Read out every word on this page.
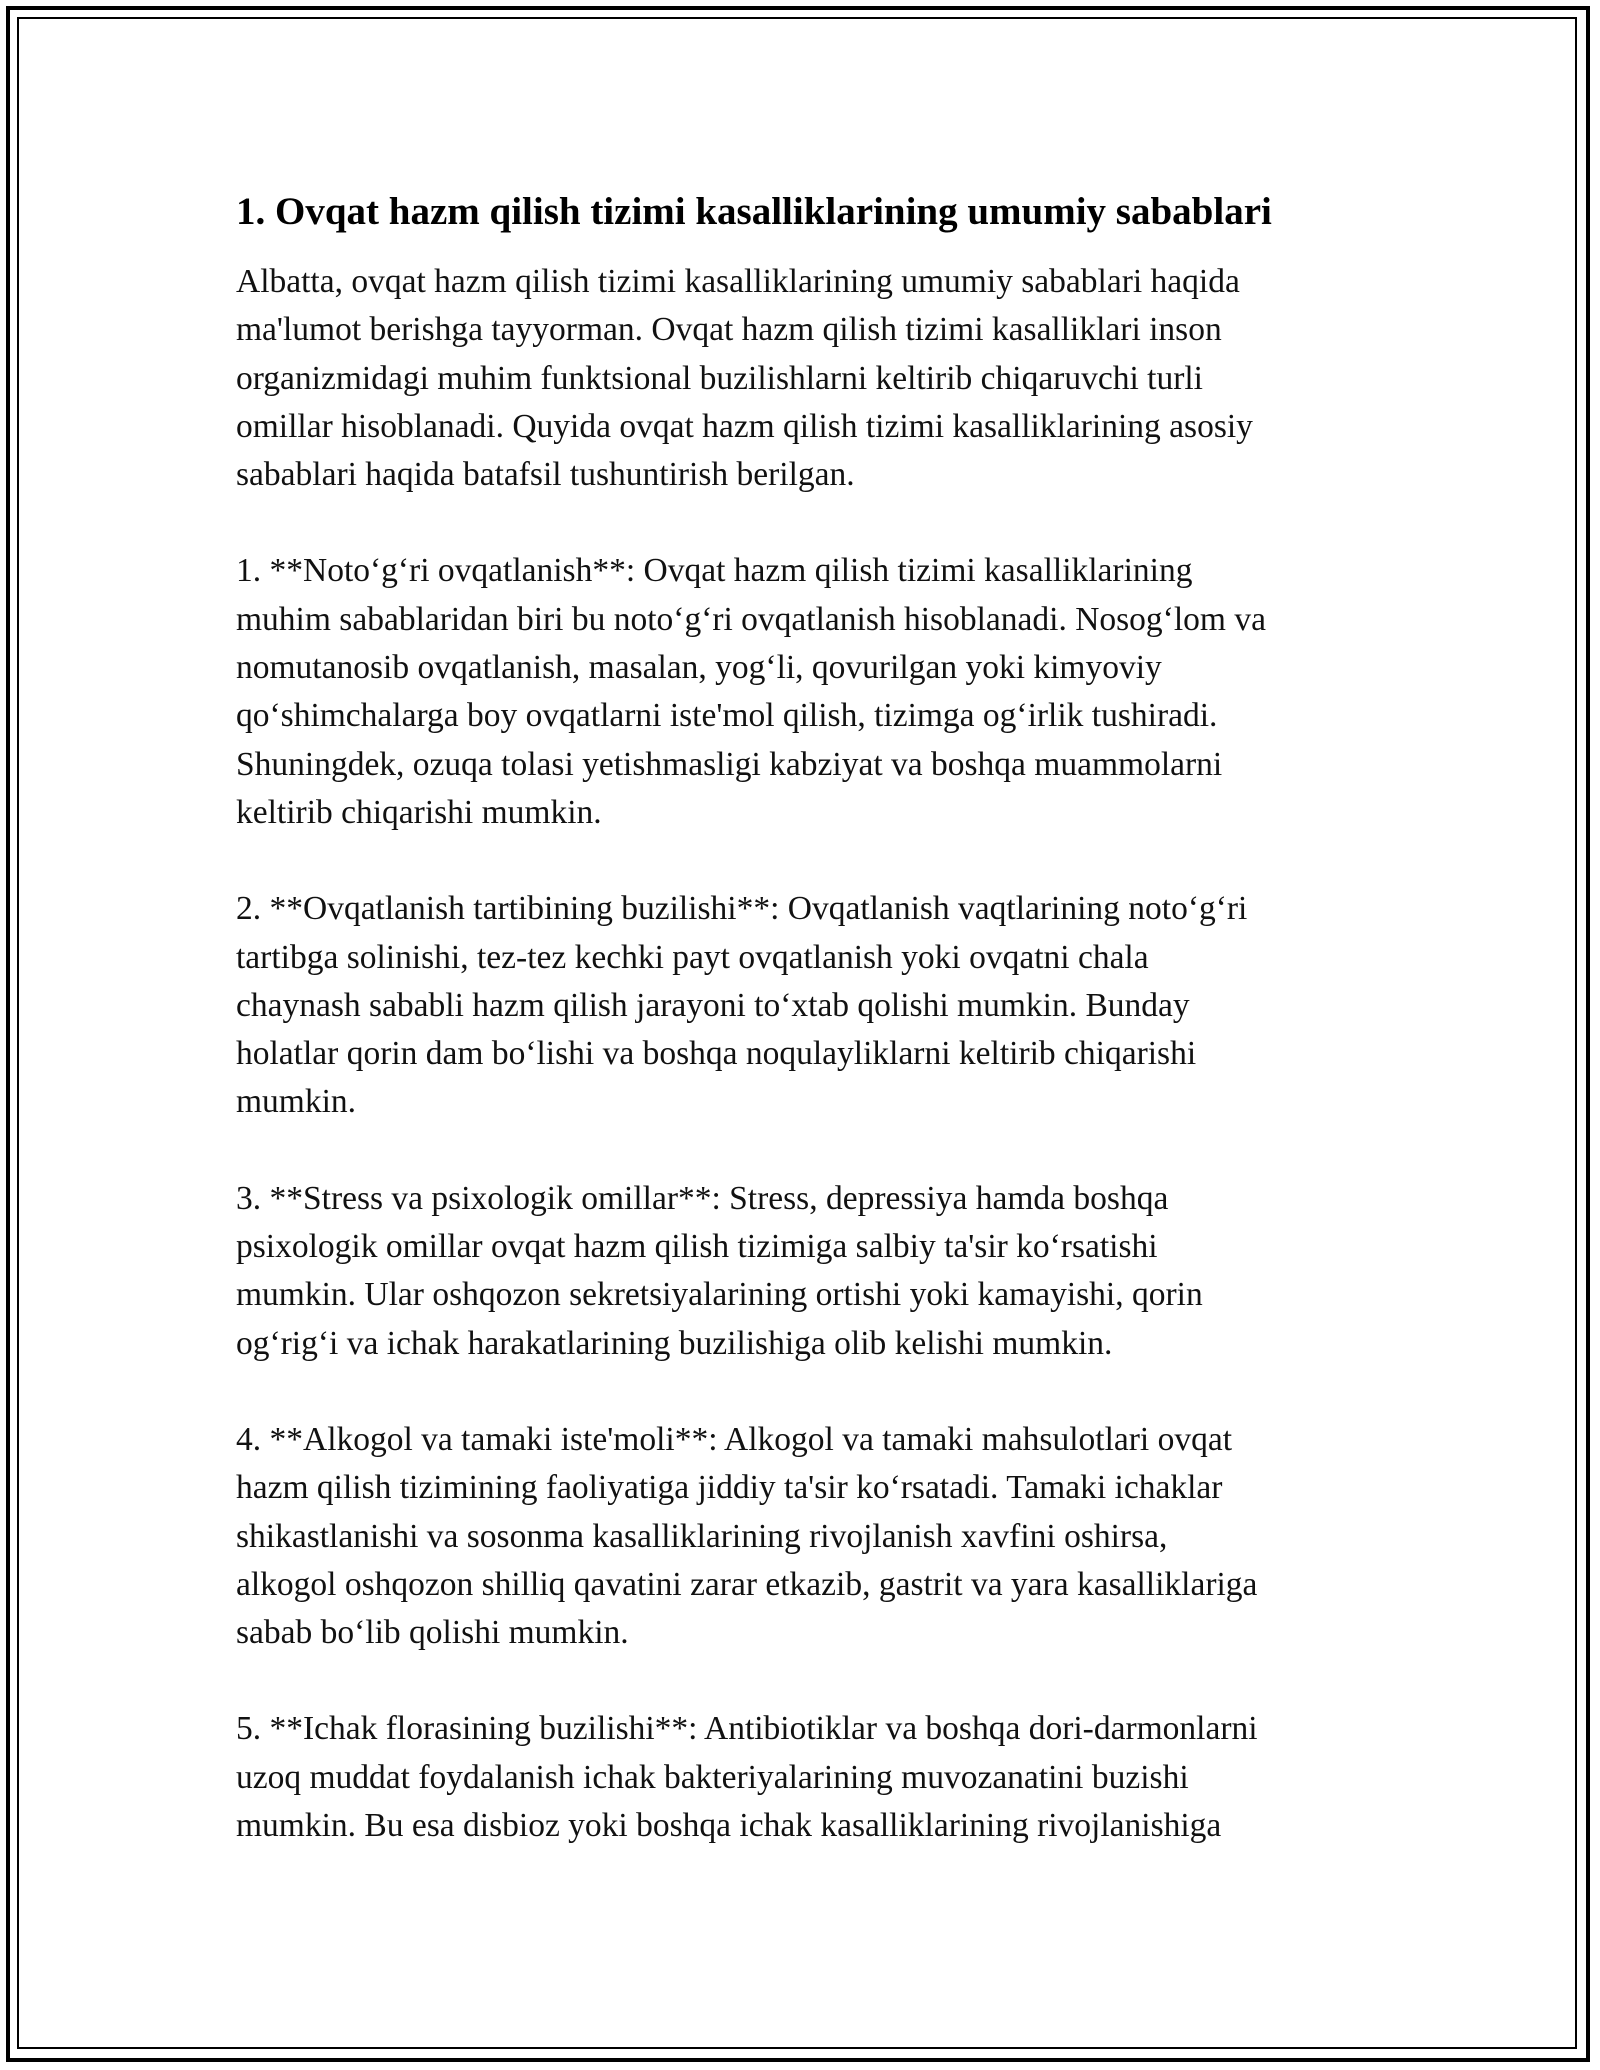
1. Ovqat hazm qilish tizimi kasalliklarining umumiy sabablari

Albatta, ovqat hazm qilish tizimi kasalliklarining umumiy sabablari haqida
ma'lumot berishga tayyorman. Ovqat hazm qilish tizimi kasalliklari inson
organizmidagi muhim funktsional buzilishlarni keltirib chiqaruvchi turli
omillar hisoblanadi. Quyida ovqat hazm qilish tizimi kasalliklarining asosiy
sabablari haqida batafsil tushuntirish berilgan.

1. **Noto‘g‘ri ovqatlanish**: Ovqat hazm qilish tizimi kasalliklarining
muhim sabablaridan biri bu noto‘g‘ri ovqatlanish hisoblanadi. Nosog‘lom va
nomutanosib ovqatlanish, masalan, yog‘li, qovurilgan yoki kimyoviy
qo‘shimchalarga boy ovqatlarni iste'mol qilish, tizimga og‘irlik tushiradi.
Shuningdek, ozuqa tolasi yetishmasligi kabziyat va boshqa muammolarni
keltirib chiqarishi mumkin.

2. **Ovqatlanish tartibining buzilishi**: Ovqatlanish vaqtlarining noto‘g‘ri
tartibga solinishi, tez-tez kechki payt ovqatlanish yoki ovqatni chala
chaynash sababli hazm qilish jarayoni to‘xtab qolishi mumkin. Bunday
holatlar qorin dam bo‘lishi va boshqa noqulayliklarni keltirib chiqarishi
mumkin.

3. **Stress va psixologik omillar**: Stress, depressiya hamda boshqa
psixologik omillar ovqat hazm qilish tizimiga salbiy ta'sir ko‘rsatishi
mumkin. Ular oshqozon sekretsiyalarining ortishi yoki kamayishi, qorin
og‘rig‘i va ichak harakatlarining buzilishiga olib kelishi mumkin.

4. **Alkogol va tamaki iste'moli**: Alkogol va tamaki mahsulotlari ovqat
hazm qilish tizimining faoliyatiga jiddiy ta'sir ko‘rsatadi. Tamaki ichaklar
shikastlanishi va sosonma kasalliklarining rivojlanish xavfini oshirsa,
alkogol oshqozon shilliq qavatini zarar etkazib, gastrit va yara kasalliklariga
sabab bo‘lib qolishi mumkin.

5. **Ichak florasining buzilishi**: Antibiotiklar va boshqa dori-darmonlarni
uzoq muddat foydalanish ichak bakteriyalarining muvozanatini buzishi
mumkin. Bu esa disbioz yoki boshqa ichak kasalliklarining rivojlanishiga
